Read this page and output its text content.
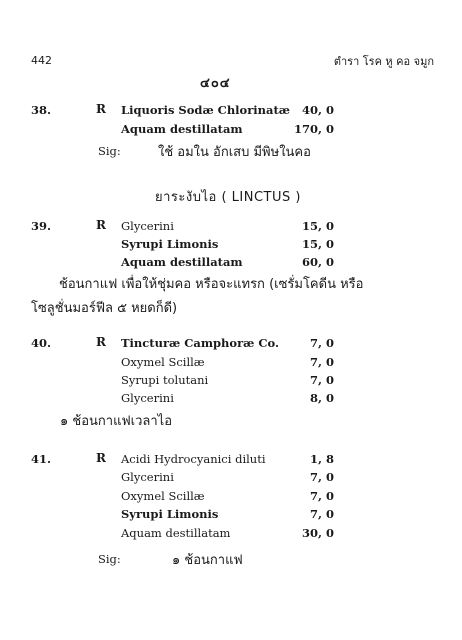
442	ตำรา โรค หู คอ จมูก
๔๐๔
38.	R Liquoris Sodæ Chlorinatæ 40, 0
Aquam destillatam	170, 0
Sig:	ใช้ อมใน อักเสบ มีพิษในคอ
ยาระงับไอ ( LINCTUS )
39.	R Glycerini	15, 0
Syrupi Limonis	15, 0
Aquam destillatam	60, 0
ช้อนกาแฟ เพื่อให้ชุ่มคอ หรือจะแทรก (เซรั่มโคดีน หรือ
โซลูชั่นมอร์ฟีล ๕ หยดก็ดี)
40.	R Tincturæ Camphoræ Co.	7, 0
Oxymel Scillæ	7, 0
Syrupi tolutani	7, 0
Glycerini	8, 0
๑ ช้อนกาแฟเวลาไอ
41.	R Acidi Hydrocyanici diluti	1, 8
Glycerini	7, 0
Oxymel Scillæ	7, 0
Syrupi Limonis	7, 0
Aquam destillatam	30, 0
Sig:	๑ ช้อนกาแฟ
